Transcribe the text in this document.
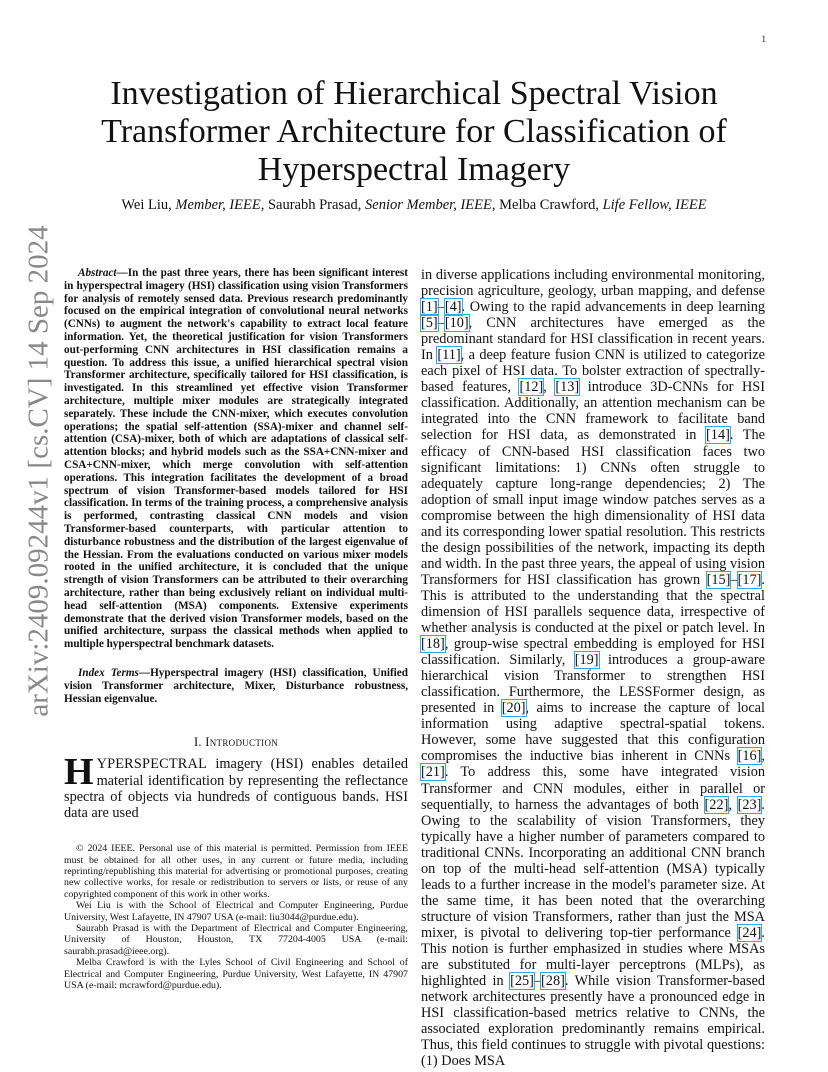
1
arXiv:2409.09244v1 [cs.CV] 14 Sep 2024
Investigation of Hierarchical Spectral Vision Transformer Architecture for Classification of Hyperspectral Imagery
Wei Liu, Member, IEEE, Saurabh Prasad, Senior Member, IEEE, Melba Crawford, Life Fellow, IEEE

Abstract—In the past three years, there has been significant interest in hyperspectral imagery (HSI) classification using vision Transformers for analysis of remotely sensed data. Previous research predominantly focused on the empirical integration of convolutional neural networks (CNNs) to augment the network's capability to extract local feature information. Yet, the theoretical justification for vision Transformers out-performing CNN architectures in HSI classification remains a question. To address this issue, a unified hierarchical spectral vision Transformer architecture, specifically tailored for HSI classification, is investigated. In this streamlined yet effective vision Transformer architecture, multiple mixer modules are strategically integrated separately. These include the CNN-mixer, which executes convolution operations; the spatial self-attention (SSA)-mixer and channel self-attention (CSA)-mixer, both of which are adaptations of classical self-attention blocks; and hybrid models such as the SSA+CNN-mixer and CSA+CNN-mixer, which merge convolution with self-attention operations. This integration facilitates the development of a broad spectrum of vision Transformer-based models tailored for HSI classification. In terms of the training process, a comprehensive analysis is performed, contrasting classical CNN models and vision Transformer-based counterparts, with particular attention to disturbance robustness and the distribution of the largest eigenvalue of the Hessian. From the evaluations conducted on various mixer models rooted in the unified architecture, it is concluded that the unique strength of vision Transformers can be attributed to their overarching architecture, rather than being exclusively reliant on individual multi-head self-attention (MSA) components. Extensive experiments demonstrate that the derived vision Transformer models, based on the unified architecture, surpass the classical methods when applied to multiple hyperspectral benchmark datasets.

Index Terms—Hyperspectral imagery (HSI) classification, Unified vision Transformer architecture, Mixer, Disturbance robustness, Hessian eigenvalue.

I. Introduction

HYPERSPECTRAL imagery (HSI) enables detailed material identification by representing the reflectance spectra of objects via hundreds of contiguous bands. HSI data are used

© 2024 IEEE. Personal use of this material is permitted. Permission from IEEE must be obtained for all other uses, in any current or future media, including reprinting/republishing this material for advertising or promotional purposes, creating new collective works, for resale or redistribution to servers or lists, or reuse of any copyrighted component of this work in other works.

Wei Liu is with the School of Electrical and Computer Engineering, Purdue University, West Lafayette, IN 47907 USA (e-mail: liu3044@purdue.edu).

Saurabh Prasad is with the Department of Electrical and Computer Engineering, University of Houston, Houston, TX 77204-4005 USA (e-mail: saurabh.prasad@ieee.org).

Melba Crawford is with the Lyles School of Civil Engineering and School of Electrical and Computer Engineering, Purdue University, West Lafayette, IN 47907 USA (e-mail: mcrawford@purdue.edu).

in diverse applications including environmental monitoring, precision agriculture, geology, urban mapping, and defense [1]–[4]. Owing to the rapid advancements in deep learning [5]–[10], CNN architectures have emerged as the predominant standard for HSI classification in recent years. In [11], a deep feature fusion CNN is utilized to categorize each pixel of HSI data. To bolster extraction of spectrally-based features, [12], [13] introduce 3D-CNNs for HSI classification. Additionally, an attention mechanism can be integrated into the CNN framework to facilitate band selection for HSI data, as demonstrated in [14]. The efficacy of CNN-based HSI classification faces two significant limitations: 1) CNNs often struggle to adequately capture long-range dependencies; 2) The adoption of small input image window patches serves as a compromise between the high dimensionality of HSI data and its corresponding lower spatial resolution. This restricts the design possibilities of the network, impacting its depth and width. In the past three years, the appeal of using vision Transformers for HSI classification has grown [15]–[17]. This is attributed to the understanding that the spectral dimension of HSI parallels sequence data, irrespective of whether analysis is conducted at the pixel or patch level. In [18], group-wise spectral embedding is employed for HSI classification. Similarly, [19] introduces a group-aware hierarchical vision Transformer to strengthen HSI classification. Furthermore, the LESSFormer design, as presented in [20], aims to increase the capture of local information using adaptive spectral-spatial tokens. However, some have suggested that this configuration compromises the inductive bias inherent in CNNs [16], [21]. To address this, some have integrated vision Transformer and CNN modules, either in parallel or sequentially, to harness the advantages of both [22], [23]. Owing to the scalability of vision Transformers, they typically have a higher number of parameters compared to traditional CNNs. Incorporating an additional CNN branch on top of the multi-head self-attention (MSA) typically leads to a further increase in the model's parameter size. At the same time, it has been noted that the overarching structure of vision Transformers, rather than just the MSA mixer, is pivotal to delivering top-tier performance [24]. This notion is further emphasized in studies where MSAs are substituted for multi-layer perceptrons (MLPs), as highlighted in [25]–[28]. While vision Transformer-based network architectures presently have a pronounced edge in HSI classification-based metrics relative to CNNs, the associated exploration predominantly remains empirical. Thus, this field continues to struggle with pivotal questions: (1) Does MSA
